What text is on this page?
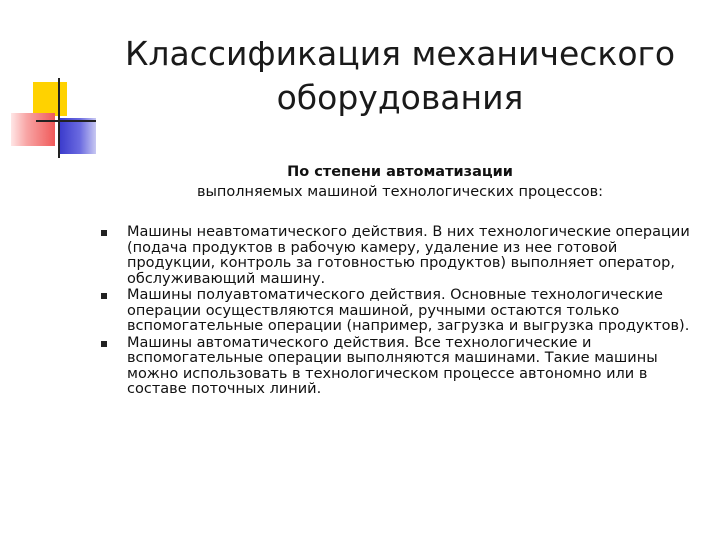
Классификация механического
оборудования
По степени автоматизации
выполняемых машиной технологических процессов:
Машины неавтоматического действия. В них технологические операции (подача продуктов в рабочую камеру, удаление из нее готовой продукции, контроль за готовностью продуктов) выполняет оператор, обслуживающий машину.
Машины полуавтоматического действия. Основные технологические операции осуществляются машиной, ручными остаются только вспомогательные операции (например, загрузка и выгрузка продуктов).
Машины автоматического действия. Все технологические и вспомогательные операции выполняются машинами. Такие машины можно использовать в технологическом процессе автономно или в составе поточных линий.
